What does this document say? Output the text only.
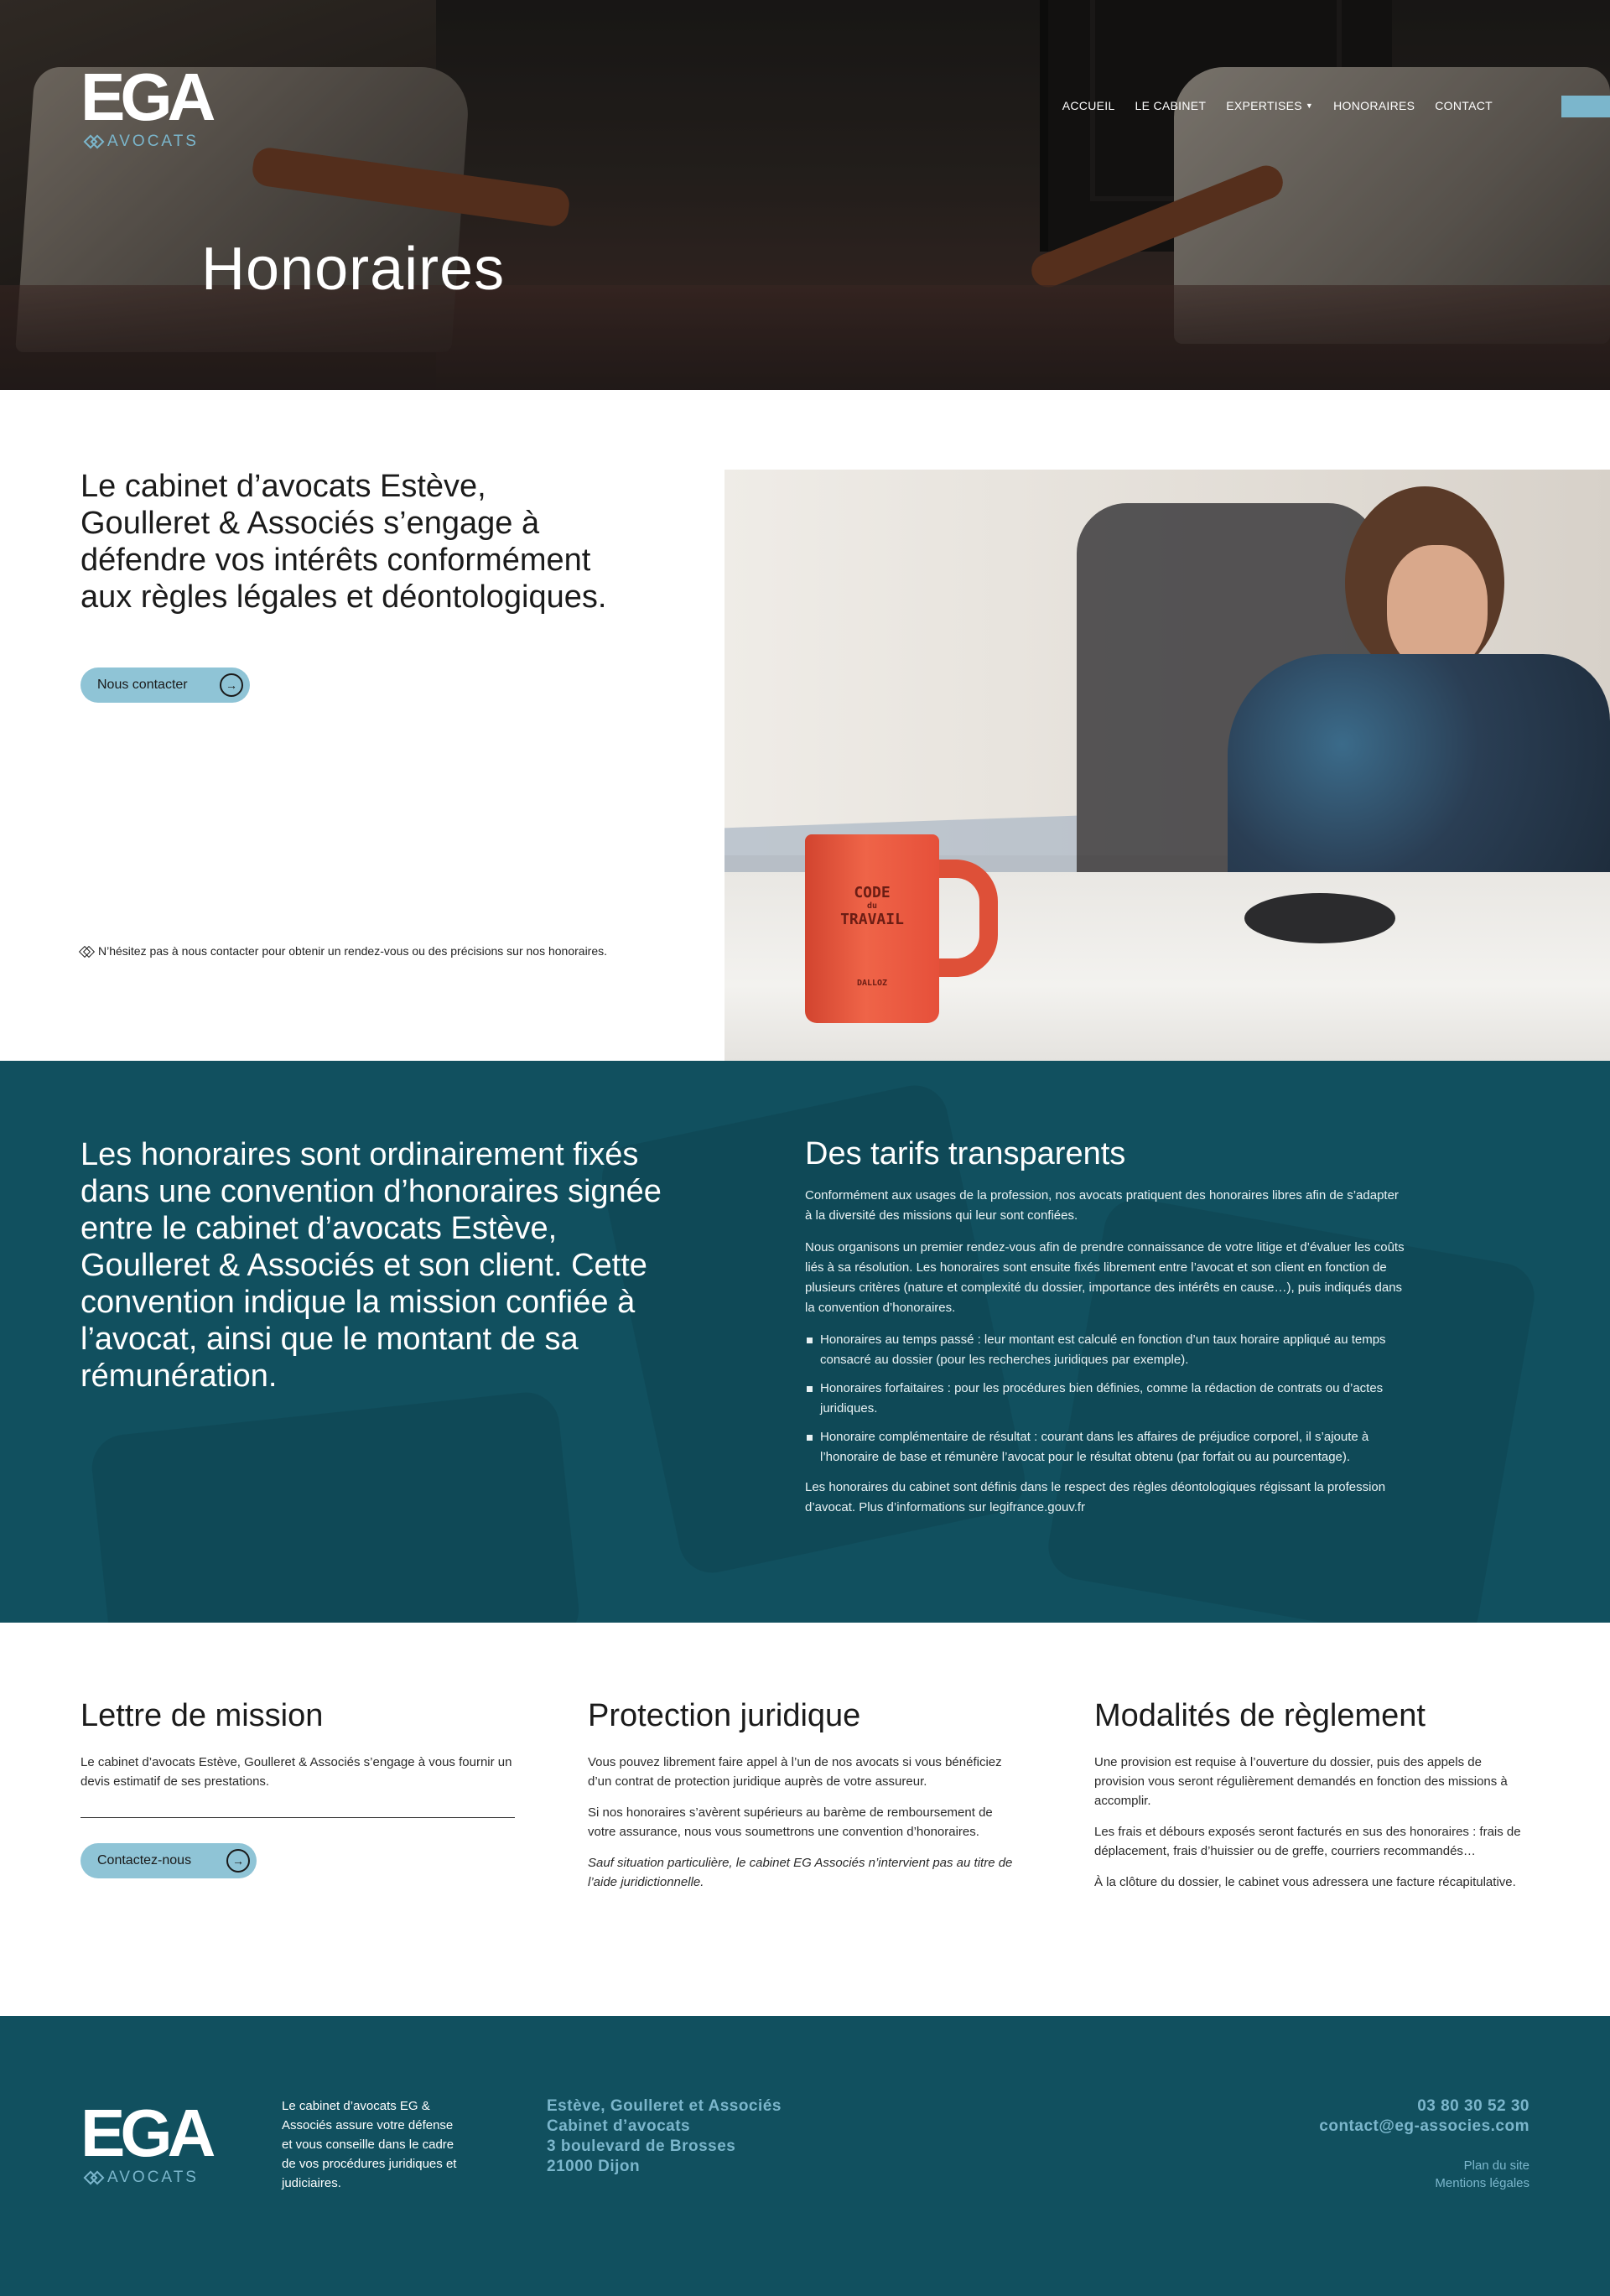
EGA
AVOCATS
ACCUEIL LE CABINET EXPERTISES ▼ HONORAIRES CONTACT
Honoraires
Le cabinet d’avocats Estève, Goulleret & Associés s’engage à défendre vos intérêts conformément aux règles légales et déontologiques.
Nous contacter	→

N’hésitez pas à nous contacter pour obtenir un rendez-vous ou des précisions sur nos honoraires.

CODE
du
TRAVAIL
DALLOZ

Les honoraires sont ordinairement fixés dans une convention d’honoraires signée entre le cabinet d’avocats Estève, Goulleret & Associés et son client. Cette convention indique la mission confiée à l’avocat, ainsi que le montant de sa rémunération.

Des tarifs transparents

Conformément aux usages de la profession, nos avocats pratiquent des honoraires libres afin de s’adapter à la diversité des missions qui leur sont confiées.

Nous organisons un premier rendez-vous afin de prendre connaissance de votre litige et d’évaluer les coûts liés à sa résolution. Les honoraires sont ensuite fixés librement entre l’avocat et son client en fonction de plusieurs critères (nature et complexité du dossier, importance des intérêts en cause…), puis indiqués dans la convention d’honoraires.

Honoraires au temps passé : leur montant est calculé en fonction d’un taux horaire appliqué au temps consacré au dossier (pour les recherches juridiques par exemple).
Honoraires forfaitaires : pour les procédures bien définies, comme la rédaction de contrats ou d’actes juridiques.
Honoraire complémentaire de résultat : courant dans les affaires de préjudice corporel, il s’ajoute à l’honoraire de base et rémunère l’avocat pour le résultat obtenu (par forfait ou au pourcentage).

Les honoraires du cabinet sont définis dans le respect des règles déontologiques régissant la profession d’avocat. Plus d’informations sur legifrance.gouv.fr

Lettre de mission

Le cabinet d’avocats Estève, Goulleret & Associés s’engage à vous fournir un devis estimatif de ses prestations.

Contactez-nous	→
Protection juridique

Vous pouvez librement faire appel à l’un de nos avocats si vous bénéficiez d’un contrat de protection juridique auprès de votre assureur.

Si nos honoraires s’avèrent supérieurs au barème de remboursement de votre assurance, nous vous soumettrons une convention d’honoraires.

Sauf situation particulière, le cabinet EG Associés n’intervient pas au titre de l’aide juridictionnelle.

Modalités de règlement

Une provision est requise à l’ouverture du dossier, puis des appels de provision vous seront régulièrement demandés en fonction des missions à accomplir.

Les frais et débours exposés seront facturés en sus des honoraires : frais de déplacement, frais d’huissier ou de greffe, courriers recommandés…

À la clôture du dossier, le cabinet vous adressera une facture récapitulative.

EGA
AVOCATS

Le cabinet d’avocats EG & Associés assure votre défense et vous conseille dans le cadre de vos procédures juridiques et judiciaires.

Estève, Goulleret et Associés
Cabinet d’avocats
3 boulevard de Brosses
21000 Dijon
03 80 30 52 30
contact@eg-associes.com
Plan du site
Mentions légales
